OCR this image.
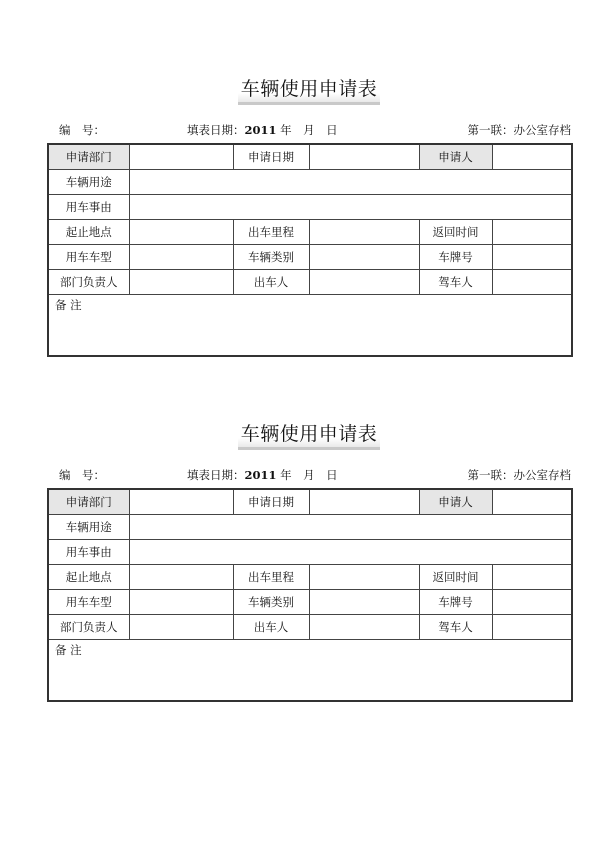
车辆使用申请表
编　号：	填表日期：2011 年　月　日	第一联：办公室存档
申请部门		申请日期		申请人	
车辆用途					
用车事由					
起止地点		出车里程		返回时间	
用车车型		车辆类别		车牌号	
部门负责人		出车人		驾车人	
备 注					
车辆使用申请表
编　号：	填表日期：2011 年　月　日	第一联：办公室存档
申请部门		申请日期		申请人	
车辆用途					
用车事由					
起止地点		出车里程		返回时间	
用车车型		车辆类别		车牌号	
部门负责人		出车人		驾车人	
备 注					
